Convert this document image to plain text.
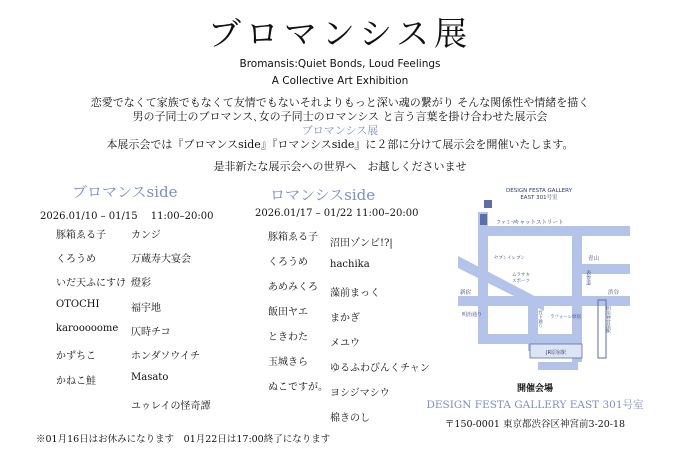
ブロマンシス展
Bromansis:Quiet Bonds, Loud Feelings
A Collective Art Exhibition
恋愛でなくて家族でもなくて友情でもないそれよりもっと深い魂の繋がり そんな関係性や情緒を描く
男の子同士のブロマンス､女の子同士のロマンシス と言う言葉を掛け合わせた展示会
ブロマンシス展
本展示会では『ブロマンスside』『ロマンシスside』に２部に分けて展示会を開催いたします。
是非新たな展示会への世界へ　お越しくださいませ
ブロマンスside
2026.01/10 – 01/15　 11:00–20:00
豚箱ゑる子
くろうめ
いだ天ふにすけ
OTOCHI
karooooome
かずちこ
かねこ鮭
カンジ
万蔵寿大宴会
燈彩
福宇地
仄時チコ
ホンダソウイチ
Masato
ユゥレイの怪奇譚
ロマンシスside
2026.01/17 – 01/22 11:00–20:00
豚箱ゑる子
くろうめ
あめみくろ
飯田ヤエ
ときわた
玉城きら
ぬこですが。
沼田ゾンビ!?|
hachika
藻前まっく
まかぎ
メユウ
ゆるふわびんくチャン
ヨシジマシウ
棉きのし
※01月16日はお休みになります　01月22日は17:00終了になります
DESIGN FESTA GALLERY
EAST 301号室
ファミマ
キャットストリート
セブンイレブン
ムラサキ
スポーツ
青山
表参道
新宿	渋谷
明治通り	竹下通り ラフォーレ原宿	明治神宮前駅
JR原宿駅
開催会場
DESIGN FESTA GALLERY EAST 301号室
〒150-0001 東京都渋谷区神宮前3-20-18
